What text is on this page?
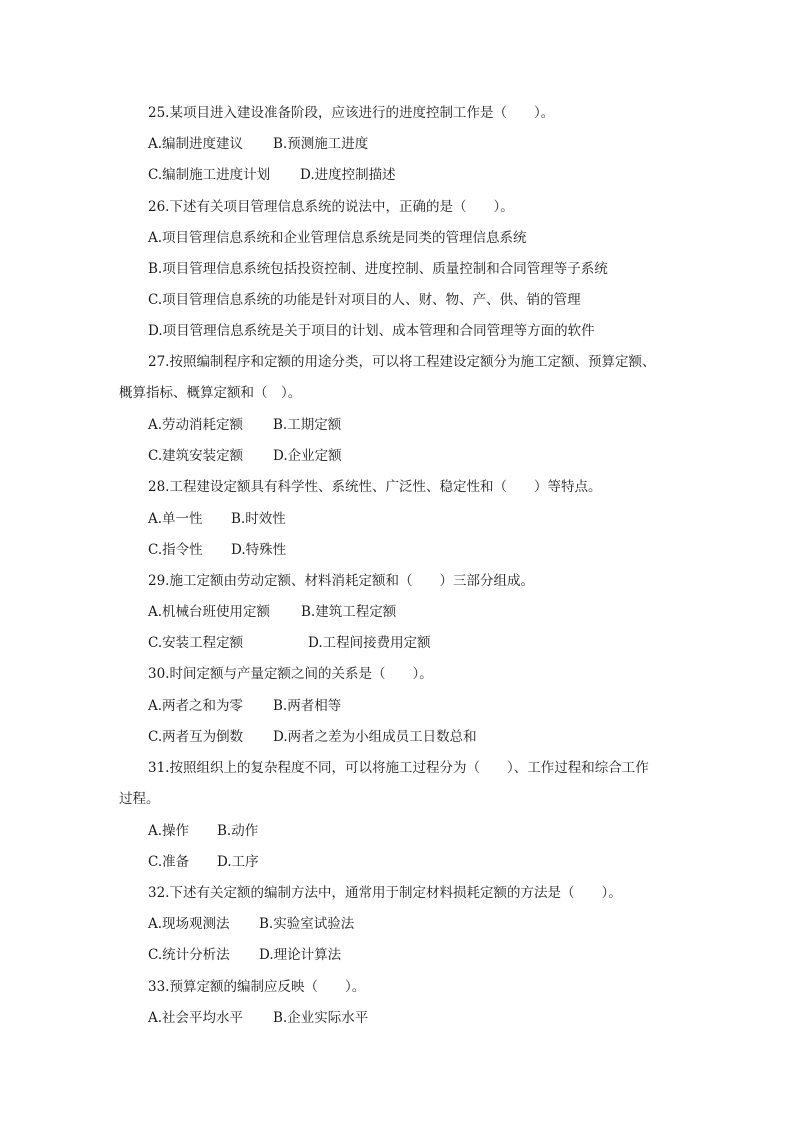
25.某项目进入建设准备阶段，应该进行的进度控制工作是（　　）。
A.编制进度建议 B.预测施工进度
C.编制施工进度计划 D.进度控制描述
26.下述有关项目管理信息系统的说法中，正确的是（　　）。
A.项目管理信息系统和企业管理信息系统是同类的管理信息系统
B.项目管理信息系统包括投资控制、进度控制、质量控制和合同管理等子系统
C.项目管理信息系统的功能是针对项目的人、财、物、产、供、销的管理
D.项目管理信息系统是关于项目的计划、成本管理和合同管理等方面的软件
27.按照编制程序和定额的用途分类，可以将工程建设定额分为施工定额、预算定额、
概算指标、概算定额和（　）。
A.劳动消耗定额 B.工期定额
C.建筑安装定额 D.企业定额
28.工程建设定额具有科学性、系统性、广泛性、稳定性和（　　）等特点。
A.单一性 B.时效性
C.指令性 D.特殊性
29.施工定额由劳动定额、材料消耗定额和（　　）三部分组成。
A.机械台班使用定额 B.建筑工程定额
C.安装工程定额	D.工程间接费用定额
30.时间定额与产量定额之间的关系是（　　）。
A.两者之和为零 B.两者相等
C.两者互为倒数 D.两者之差为小组成员工日数总和
31.按照组织上的复杂程度不同，可以将施工过程分为（　　）、工作过程和综合工作
过程。
A.操作 B.动作
C.准备 D.工序
32.下述有关定额的编制方法中，通常用于制定材料损耗定额的方法是（　　）。
A.现场观测法 B.实验室试验法
C.统计分析法 D.理论计算法
33.预算定额的编制应反映（　　）。
A.社会平均水平 B.企业实际水平
